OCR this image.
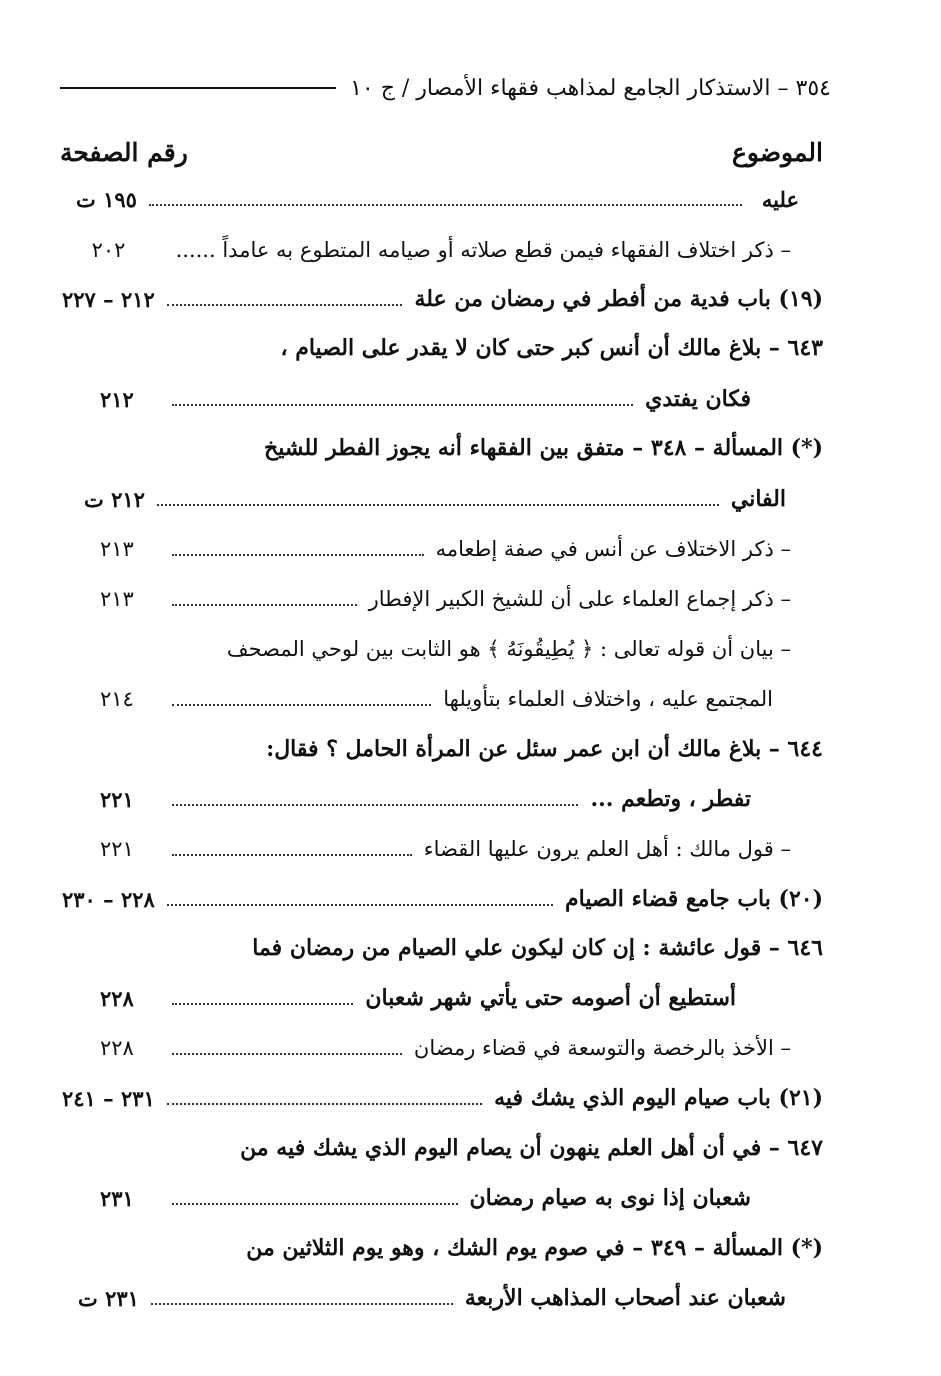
٣٥٤ – الاستذكار الجامع لمذاهب فقهاء الأمصار / ج ١٠
الموضوع
رقم الصفحة
عليه
١٩٥ ت
– ذكر اختلاف الفقهاء فيمن قطع صلاته أو صيامه المتطوع به عامداً ......
٢٠٢
(١٩) باب فدية من أفطر في رمضان من علة
٢١٢ – ٢٢٧
٦٤٣ – بلاغ مالك أن أنس كبر حتى كان لا يقدر على الصيام ،
فكان يفتدي
٢١٢
(*) المسألة – ٣٤٨ – متفق بين الفقهاء أنه يجوز الفطر للشيخ
الفاني
٢١٢ ت
– ذكر الاختلاف عن أنس في صفة إطعامه
٢١٣
– ذكر إجماع العلماء على أن للشيخ الكبير الإفطار
٢١٣
– بيان أن قوله تعالى : ﴿ يُطِيقُونَهُ ﴾ هو الثابت بين لوحي المصحف
المجتمع عليه ، واختلاف العلماء بتأويلها
٢١٤
٦٤٤ – بلاغ مالك أن ابن عمر سئل عن المرأة الحامل ؟ فقال:
تفطر ، وتطعم ...
٢٢١
– قول مالك : أهل العلم يرون عليها القضاء
٢٢١
(٢٠) باب جامع قضاء الصيام
٢٢٨ – ٢٣٠
٦٤٦ – قول عائشة : إن كان ليكون علي الصيام من رمضان فما
أستطيع أن أصومه حتى يأتي شهر شعبان
٢٢٨
– الأخذ بالرخصة والتوسعة في قضاء رمضان
٢٢٨
(٢١) باب صيام اليوم الذي يشك فيه
٢٣١ – ٢٤١
٦٤٧ – في أن أهل العلم ينهون أن يصام اليوم الذي يشك فيه من
شعبان إذا نوى به صيام رمضان
٢٣١
(*) المسألة – ٣٤٩ – في صوم يوم الشك ، وهو يوم الثلاثين من
شعبان عند أصحاب المذاهب الأربعة
٢٣١ ت
